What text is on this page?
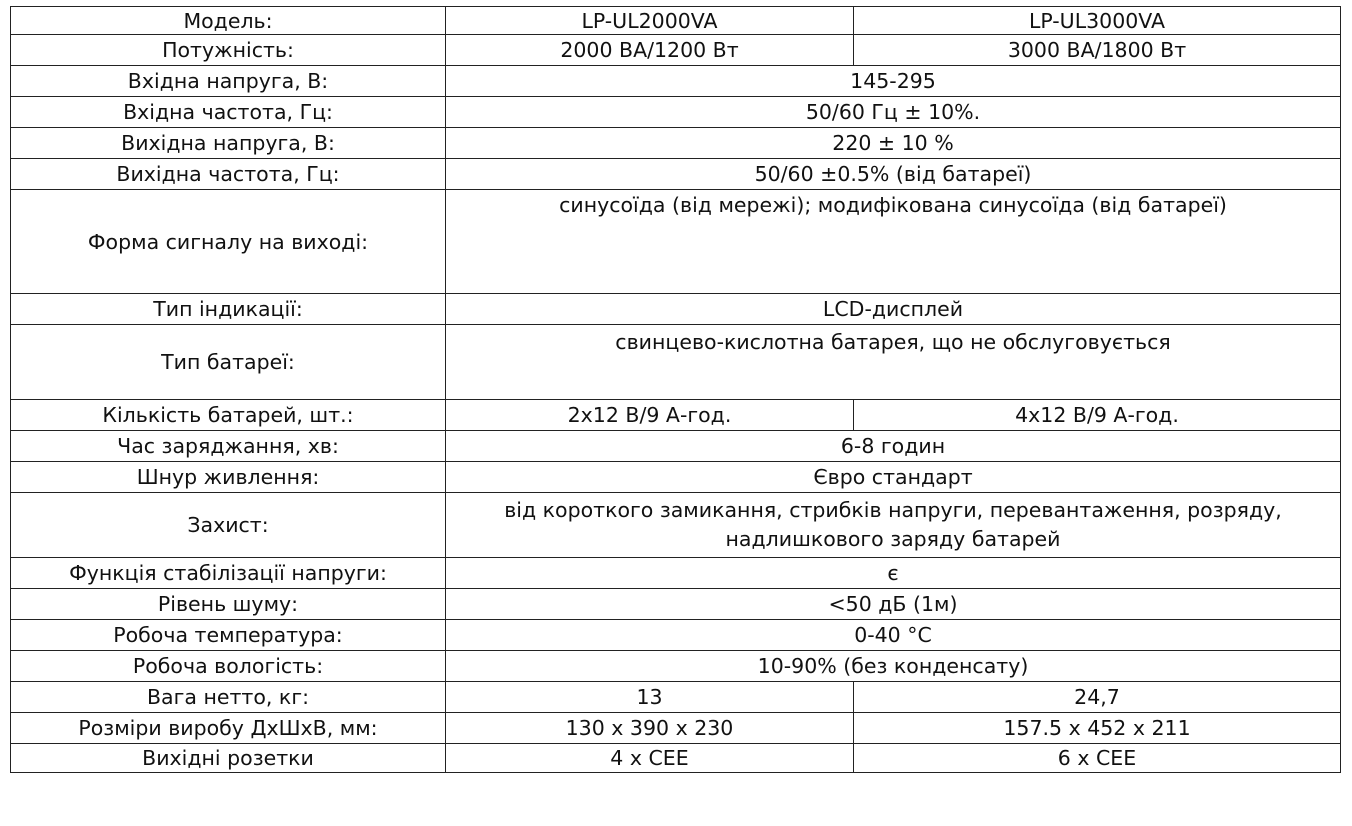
Модель:	LP-UL2000VA	LP-UL3000VA
Потужність:	2000 ВА/1200 Вт	3000 ВА/1800 Вт
Вхідна напруга, В:	145-295	
Вхідна частота, Гц:	50/60 Гц ± 10%.	
Вихідна напруга, В:	220 ± 10 %	
Вихідна частота, Гц:	50/60 ±0.5% (від батареї)	
Форма сигналу на виході:	синусоїда (від мережі); модифікована синусоїда (від батареї)	
Тип індикації:	LCD-дисплей	
Тип батареї:	свинцево-кислотна батарея, що не обслуговується	
Кількість батарей, шт.:	2x12 В/9 А-год.	4x12 В/9 А-год.
Час заряджання, хв:	6-8 годин	
Шнур живлення:	Євро стандарт	
Захист:	від короткого замикання, стрибків напруги, перевантаження, розряду, надлишкового заряду батарей	
Функція стабілізації напруги:	є	
Рівень шуму:	<50 дБ (1м)	
Робоча температура:	0-40 °C	
Робоча вологість:	10-90% (без конденсату)	
Вага нетто, кг:	13	24,7
Розміри виробу ДхШхВ, мм:	130 x 390 x 230	157.5 x 452 x 211
Вихідні розетки	4 x CEE	6 x CEE
